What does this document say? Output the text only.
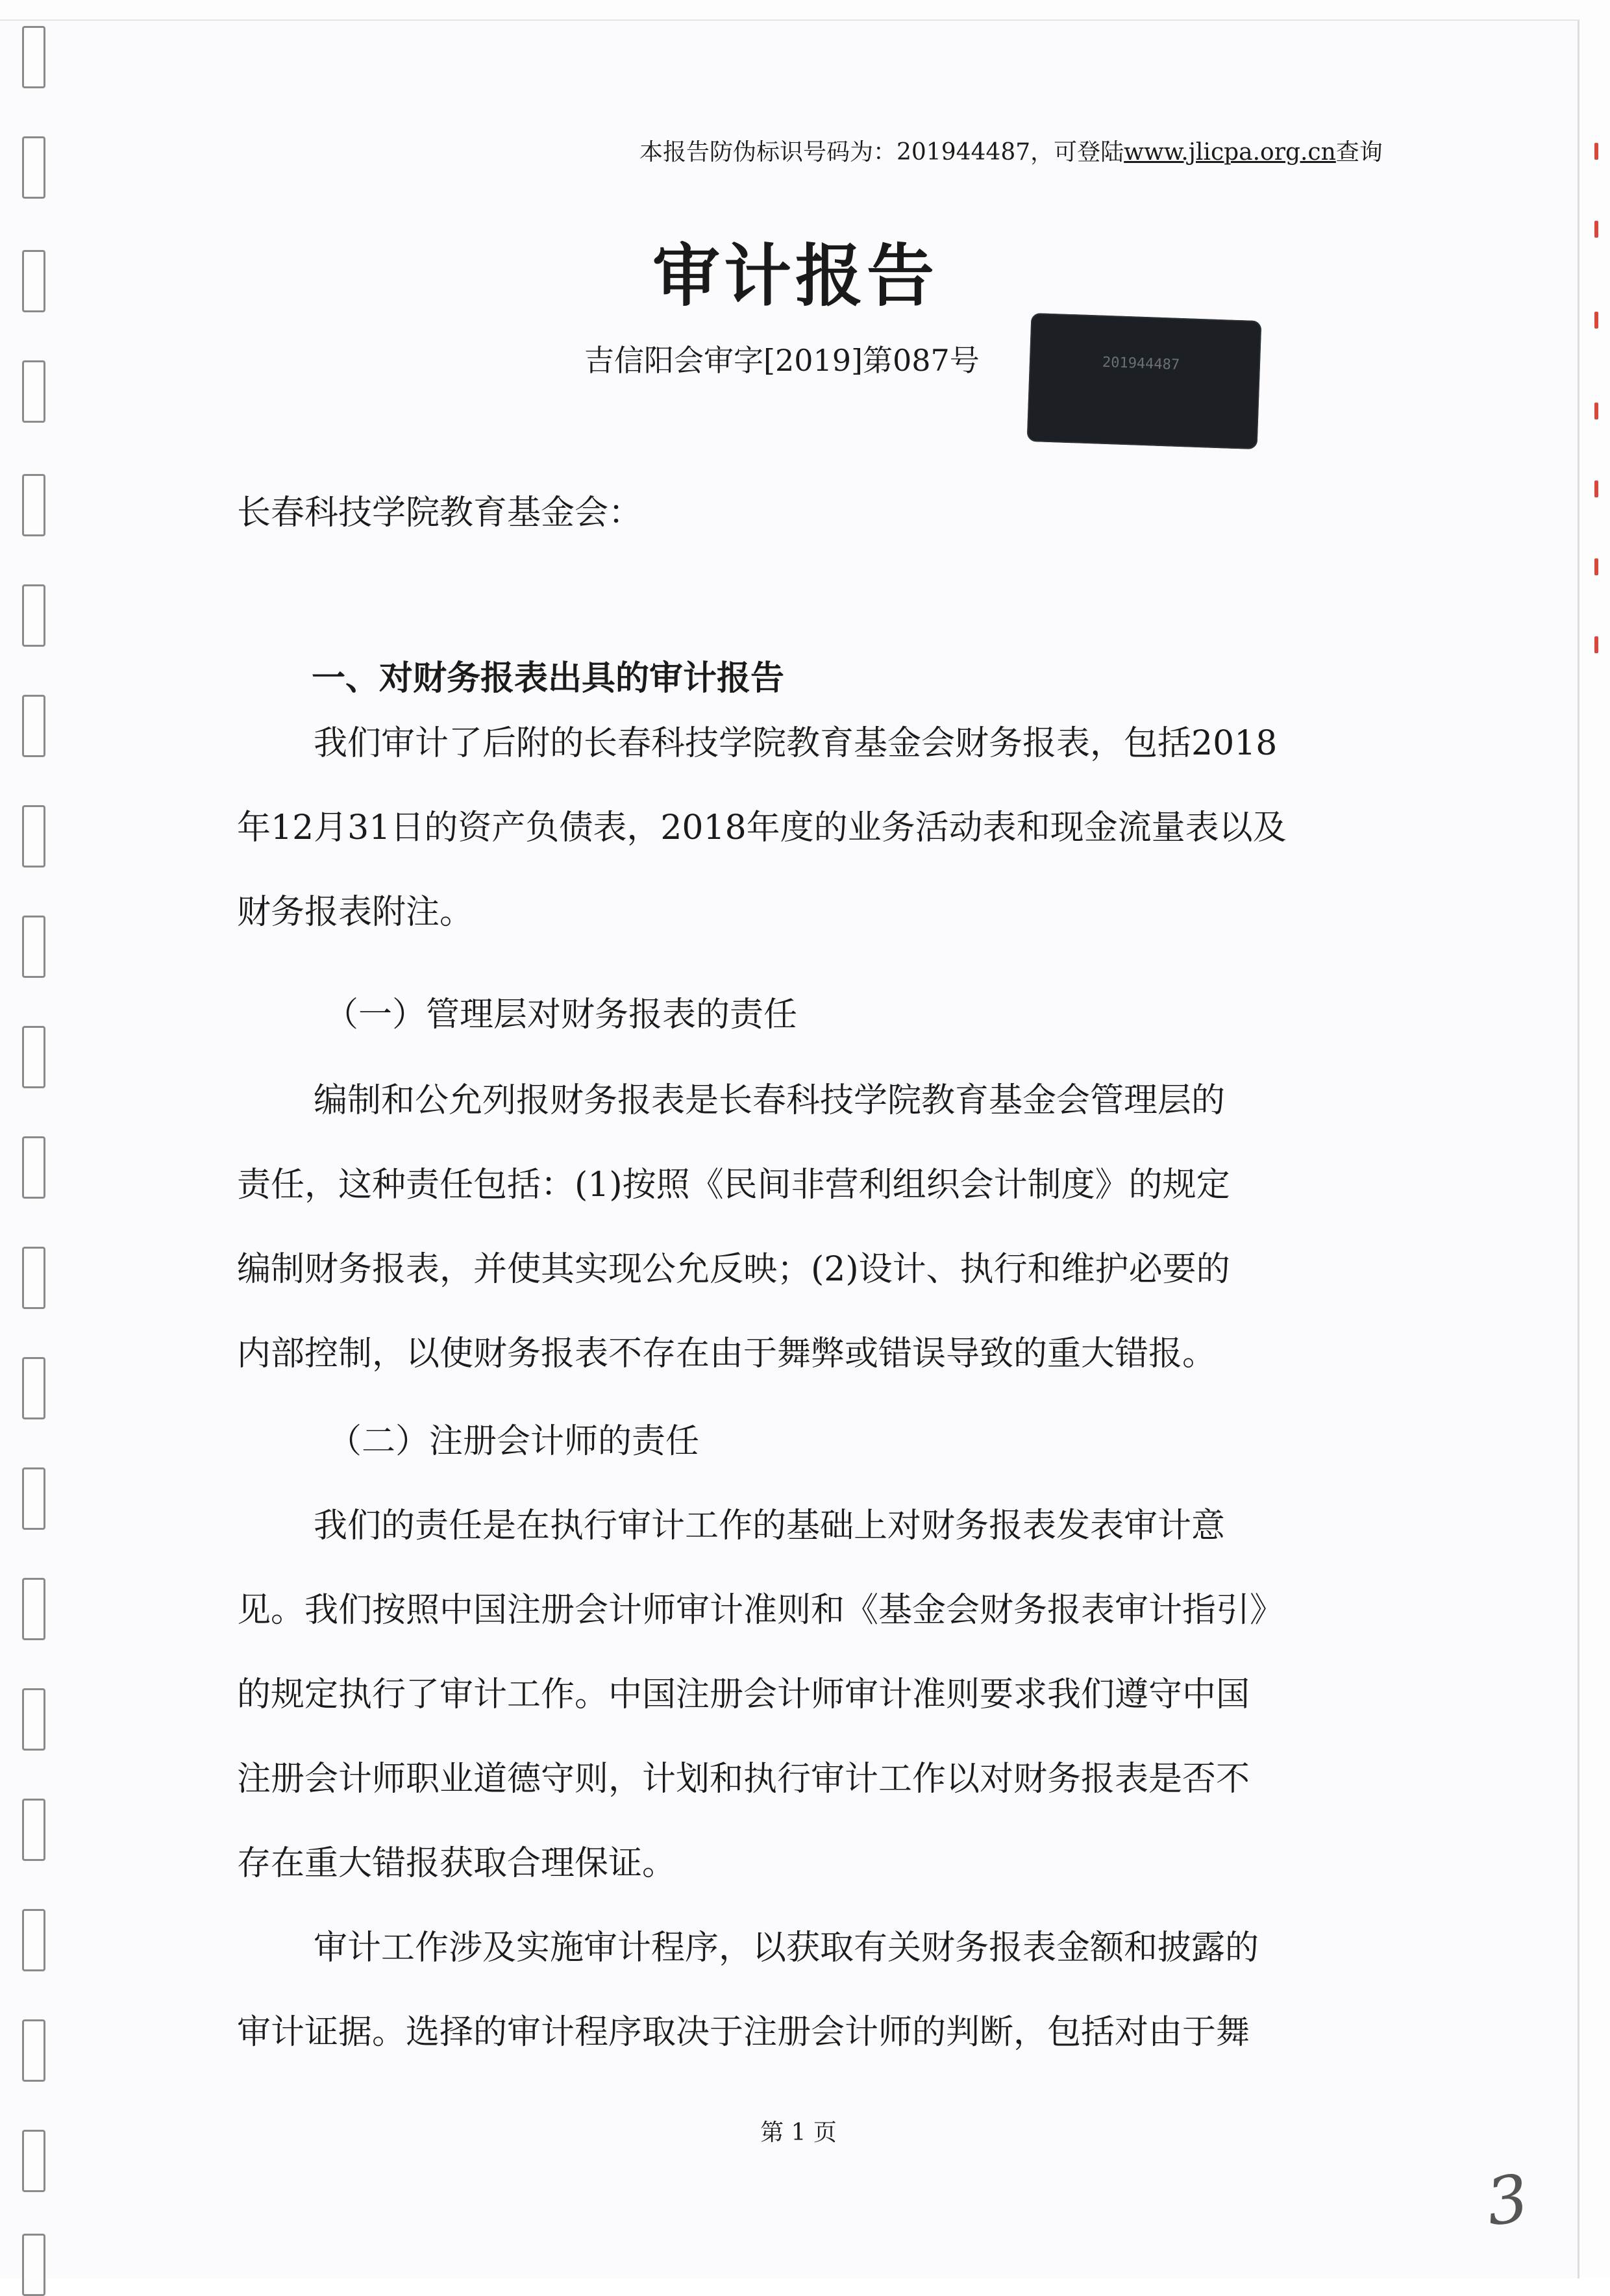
本报告防伪标识号码为：201944487，可登陆www.jlicpa.org.cn查询
审计报告
吉信阳会审字[2019]第087号	201944487
长春科技学院教育基金会：
一、对财务报表出具的审计报告
我们审计了后附的长春科技学院教育基金会财务报表，包括2018
年12月31日的资产负债表，2018年度的业务活动表和现金流量表以及
财务报表附注。
（一）管理层对财务报表的责任
编制和公允列报财务报表是长春科技学院教育基金会管理层的
责任，这种责任包括：(1)按照《民间非营利组织会计制度》的规定
编制财务报表，并使其实现公允反映；(2)设计、执行和维护必要的
内部控制，以使财务报表不存在由于舞弊或错误导致的重大错报。
（二）注册会计师的责任
我们的责任是在执行审计工作的基础上对财务报表发表审计意
见。我们按照中国注册会计师审计准则和《基金会财务报表审计指引》
的规定执行了审计工作。中国注册会计师审计准则要求我们遵守中国
注册会计师职业道德守则，计划和执行审计工作以对财务报表是否不
存在重大错报获取合理保证。
审计工作涉及实施审计程序，以获取有关财务报表金额和披露的
审计证据。选择的审计程序取决于注册会计师的判断，包括对由于舞
第 1 页
3
